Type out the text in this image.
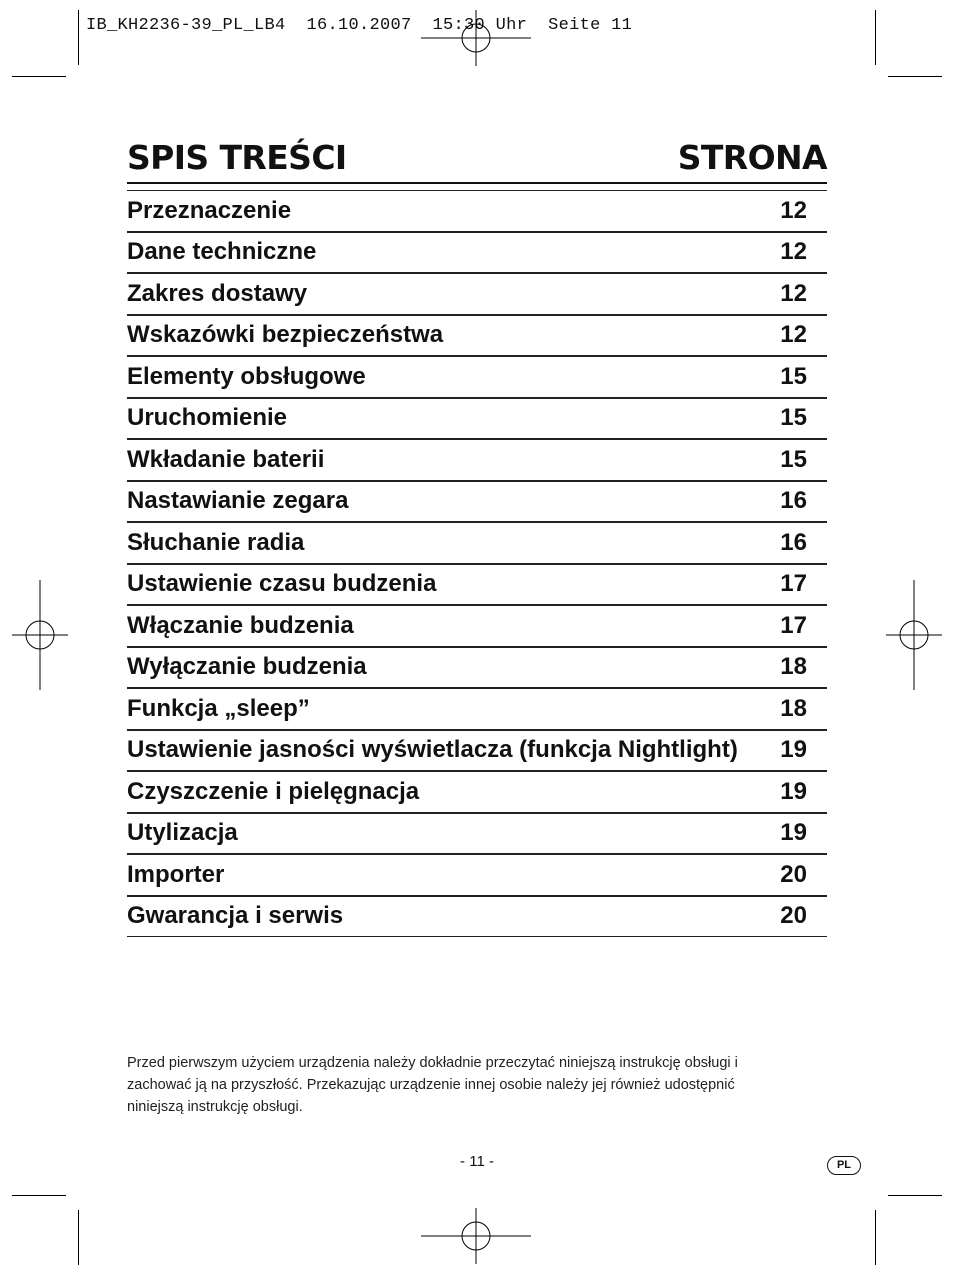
IB_KH2236-39_PL_LB4  16.10.2007  15:30 Uhr  Seite 11
SPIS TREŚCI	STRONA
Przeznaczenie	12
Dane techniczne	12
Zakres dostawy	12
Wskazówki bezpieczeństwa	12
Elementy obsługowe	15
Uruchomienie	15
Wkładanie baterii	15
Nastawianie zegara	16
Słuchanie radia	16
Ustawienie czasu budzenia	17
Włączanie budzenia	17
Wyłączanie budzenia	18
Funkcja „sleep”	18
Ustawienie jasności wyświetlacza (funkcja Nightlight) 19
Czyszczenie i pielęgnacja	19
Utylizacja	19
Importer	20
Gwarancja i serwis	20
Przed pierwszym użyciem urządzenia należy dokładnie przeczytać niniejszą instrukcję obsługi i
zachować ją na przyszłość. Przekazując urządzenie innej osobie należy jej również udostępnić
niniejszą instrukcję obsługi.
- 11 -	PL
